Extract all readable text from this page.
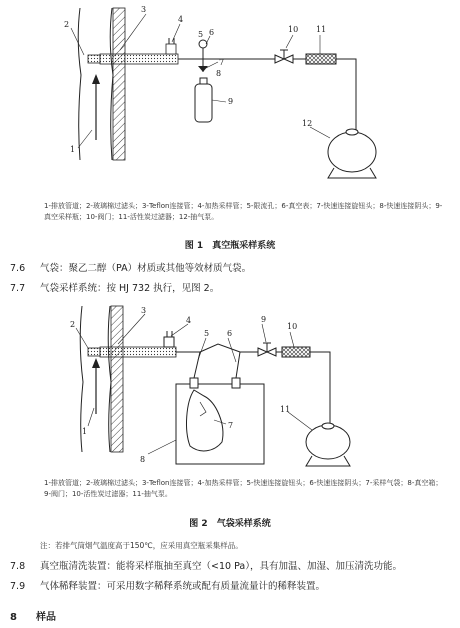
2
3
4
5 6
7
8
9
10 11
12
1
1-排放管道；2-玻璃棉过滤头；3-Teflon连接管；4-加热采样管；5-限流孔；6-真空表；7-快速连接旋钮头；8-快速连接阴头；9-真空采样瓶；10-阀门；11-活性炭过滤器；12-抽气泵。
图 1　真空瓶采样系统
7.6 气袋：聚乙二醇（PA）材质或其他等效材质气袋。
7.7 气袋采样系统：按 HJ 732 执行，见图 2。
2
3
4
5 6
9
10
7
8
11
1
1-排放管道；2-玻璃棉过滤头；3-Teflon连接管；4-加热采样管；5-快速连接旋钮头；6-快速连接阴头；7-采样气袋；8-真空箱；9-阀门；10-活性炭过滤器；11-抽气泵。
图 2　气袋采样系统
注：若排气筒烟气温度高于150℃，应采用真空瓶采集样品。
7.8 真空瓶清洗装置：能将采样瓶抽至真空（<10 Pa），具有加温、加湿、加压清洗功能。
7.9 气体稀释装置：可采用数字稀释系统或配有质量流量计的稀释装置。
8 样品
